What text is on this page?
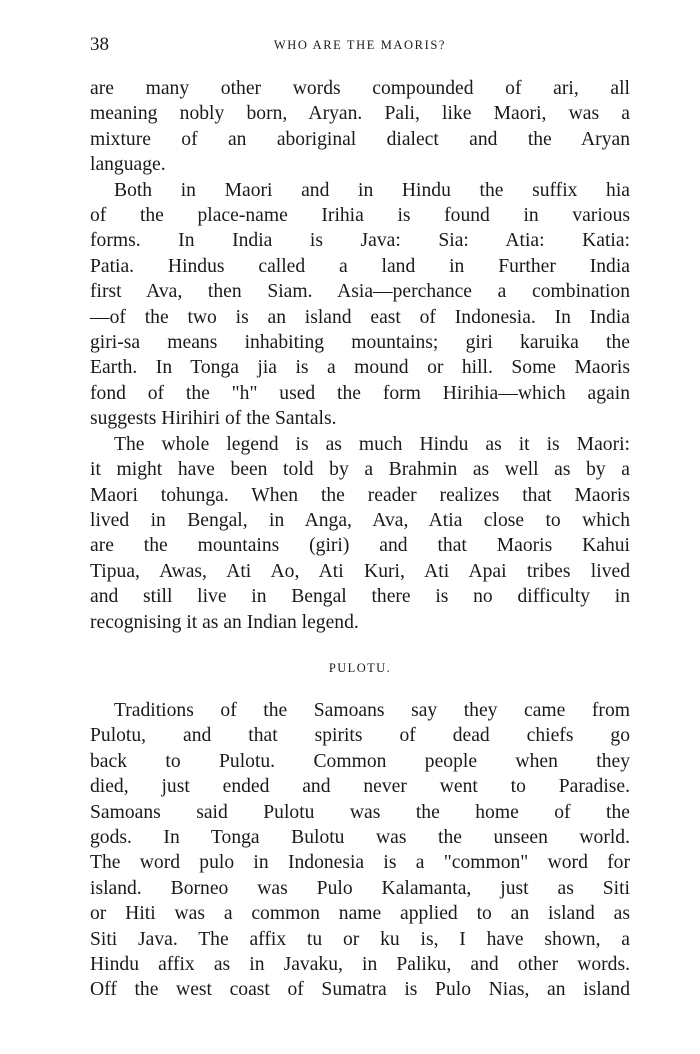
38	WHO ARE THE MAORIS?

are many other words compounded of ari, all
meaning nobly born, Aryan. Pali, like Maori, was a
mixture of an aboriginal dialect and the Aryan
language.

Both in Maori and in Hindu the suffix hia
of the place-name Irihia is found in various
forms. In India is Java: Sia: Atia: Katia:
Patia. Hindus called a land in Further India
first Ava, then Siam. Asia—perchance a combination
—of the two is an island east of Indonesia. In India
giri-sa means inhabiting mountains; giri karuika the
Earth. In Tonga jia is a mound or hill. Some Maoris
fond of the "h" used the form Hirihia—which again
suggests Hirihiri of the Santals.

The whole legend is as much Hindu as it is Maori:
it might have been told by a Brahmin as well as by a
Maori tohunga. When the reader realizes that Maoris
lived in Bengal, in Anga, Ava, Atia close to which
are the mountains (giri) and that Maoris Kahui
Tipua, Awas, Ati Ao, Ati Kuri, Ati Apai tribes lived
and still live in Bengal there is no difficulty in
recognising it as an Indian legend.

PULOTU.

Traditions of the Samoans say they came from
Pulotu, and that spirits of dead chiefs go
back to Pulotu. Common people when they
died, just ended and never went to Paradise.
Samoans said Pulotu was the home of the
gods. In Tonga Bulotu was the unseen world.
The word pulo in Indonesia is a "common" word for
island. Borneo was Pulo Kalamanta, just as Siti
or Hiti was a common name applied to an island as
Siti Java. The affix tu or ku is, I have shown, a
Hindu affix as in Javaku, in Paliku, and other words.
Off the west coast of Sumatra is Pulo Nias, an island
